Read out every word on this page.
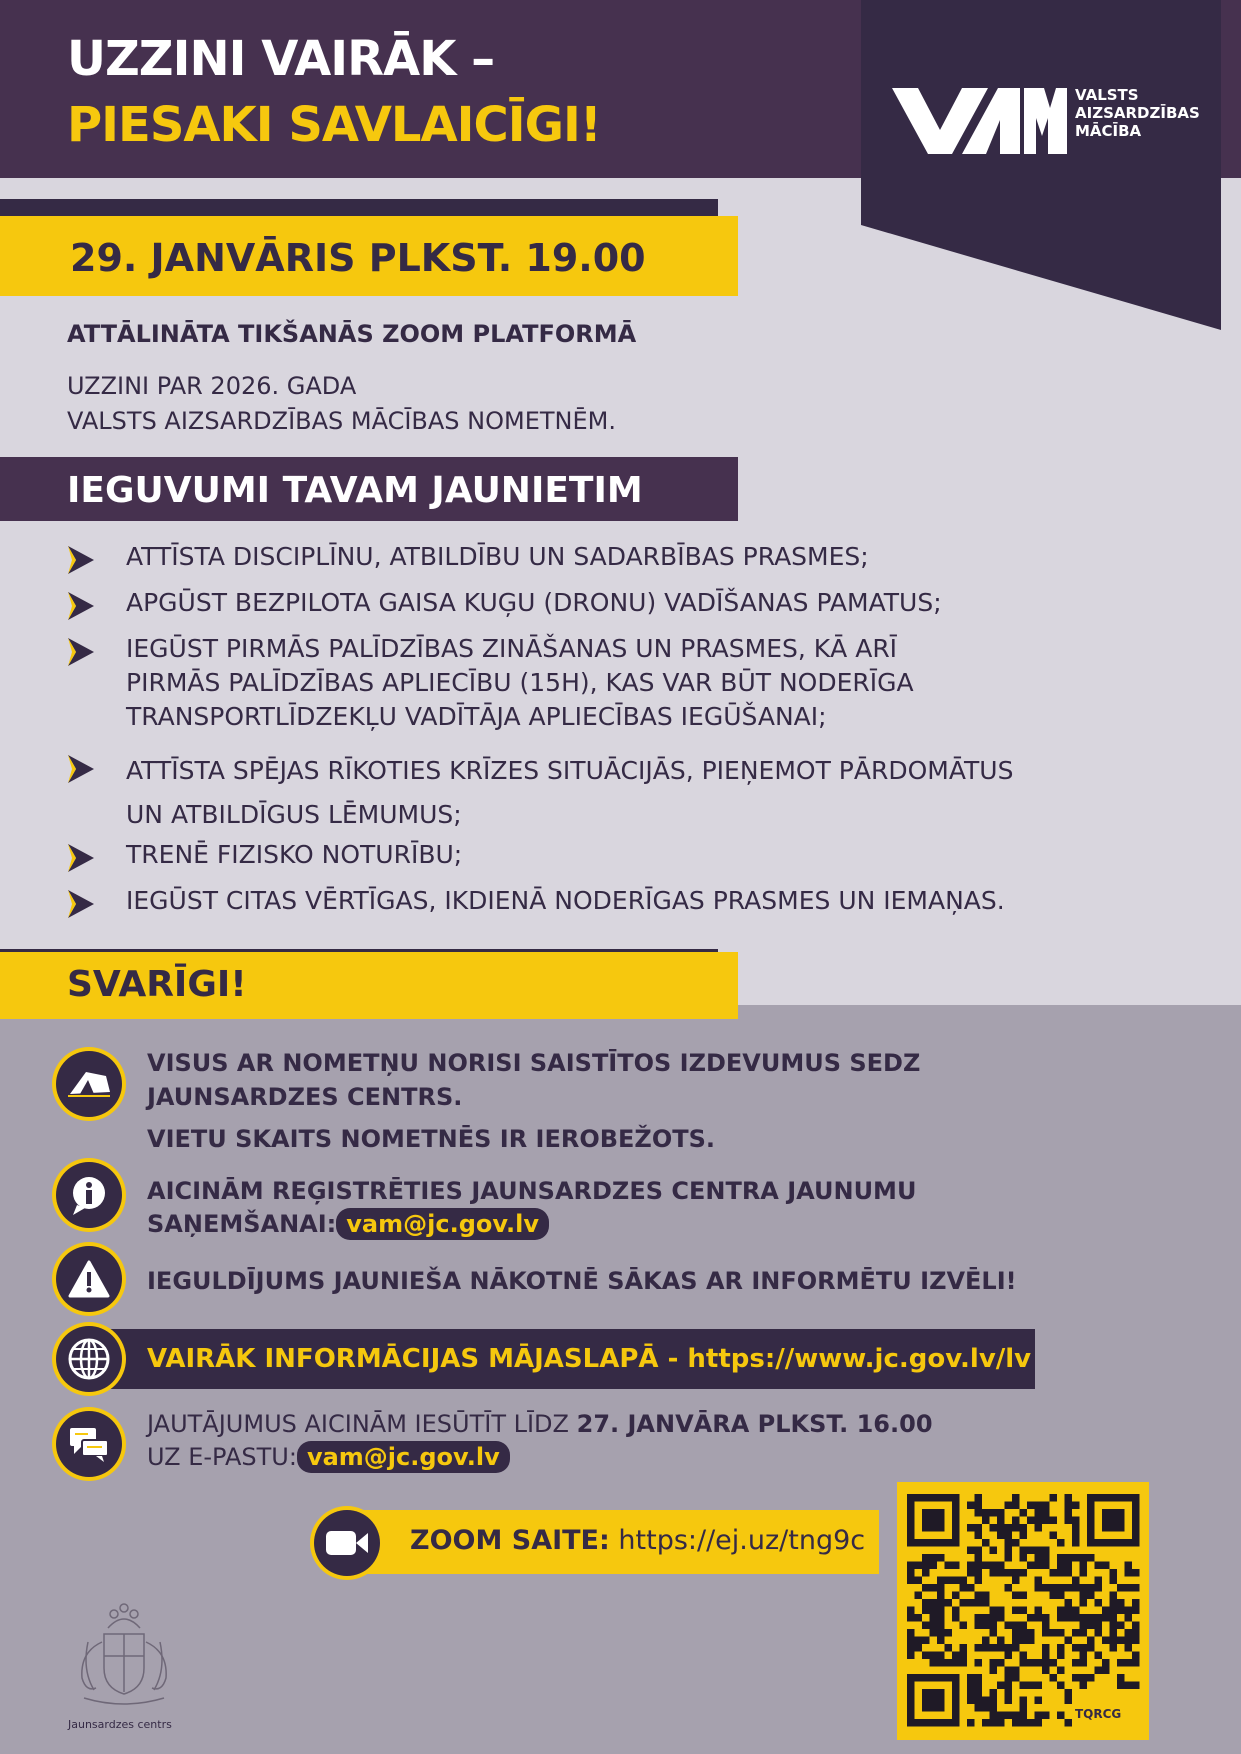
UZZINI VAIRĀK –
PIESAKI SAVLAICĪGI!
VALSTS
AIZSARDZĪBAS
MĀCĪBA
29. JANVĀRIS PLKST. 19.00
ATTĀLINĀTA TIKŠANĀS ZOOM PLATFORMĀ
UZZINI PAR 2026. GADA
VALSTS AIZSARDZĪBAS MĀCĪBAS NOMETNĒM.
IEGUVUMI TAVAM JAUNIETIM
ATTĪSTA DISCIPLĪNU, ATBILDĪBU UN SADARBĪBAS PRASMES;
APGŪST BEZPILOTA GAISA KUĢU (DRONU) VADĪŠANAS PAMATUS;
IEGŪST PIRMĀS PALĪDZĪBAS ZINĀŠANAS UN PRASMES, KĀ ARĪ
PIRMĀS PALĪDZĪBAS APLIECĪBU (15H), KAS VAR BŪT NODERĪGA
TRANSPORTLĪDZEKĻU VADĪTĀJA APLIECĪBAS IEGŪŠANAI;
ATTĪSTA SPĒJAS RĪKOTIES KRĪZES SITUĀCIJĀS, PIEŅEMOT PĀRDOMĀTUS
UN ATBILDĪGUS LĒMUMUS;
TRENĒ FIZISKO NOTURĪBU;
IEGŪST CITAS VĒRTĪGAS, IKDIENĀ NODERĪGAS PRASMES UN IEMAŅAS.
SVARĪGI!
VISUS AR NOMETŅU NORISI SAISTĪTOS IZDEVUMUS SEDZ
JAUNSARDZES CENTRS.
VIETU SKAITS NOMETNĒS IR IEROBEŽOTS.
AICINĀM REĢISTRĒTIES JAUNSARDZES CENTRA JAUNUMU
SAŅEMŠANAI: vam@jc.gov.lv
IEGULDĪJUMS JAUNIEŠA NĀKOTNĒ SĀKAS AR INFORMĒTU IZVĒLI!
VAIRĀK INFORMĀCIJAS MĀJASLAPĀ - https://www.jc.gov.lv/lv
JAUTĀJUMUS AICINĀM IESŪTĪT LĪDZ 27. JANVĀRA PLKST. 16.00
UZ E-PASTU: vam@jc.gov.lv
ZOOM SAITE: https://ej.uz/tng9c
TQRCG
Jaunsardzes centrs
